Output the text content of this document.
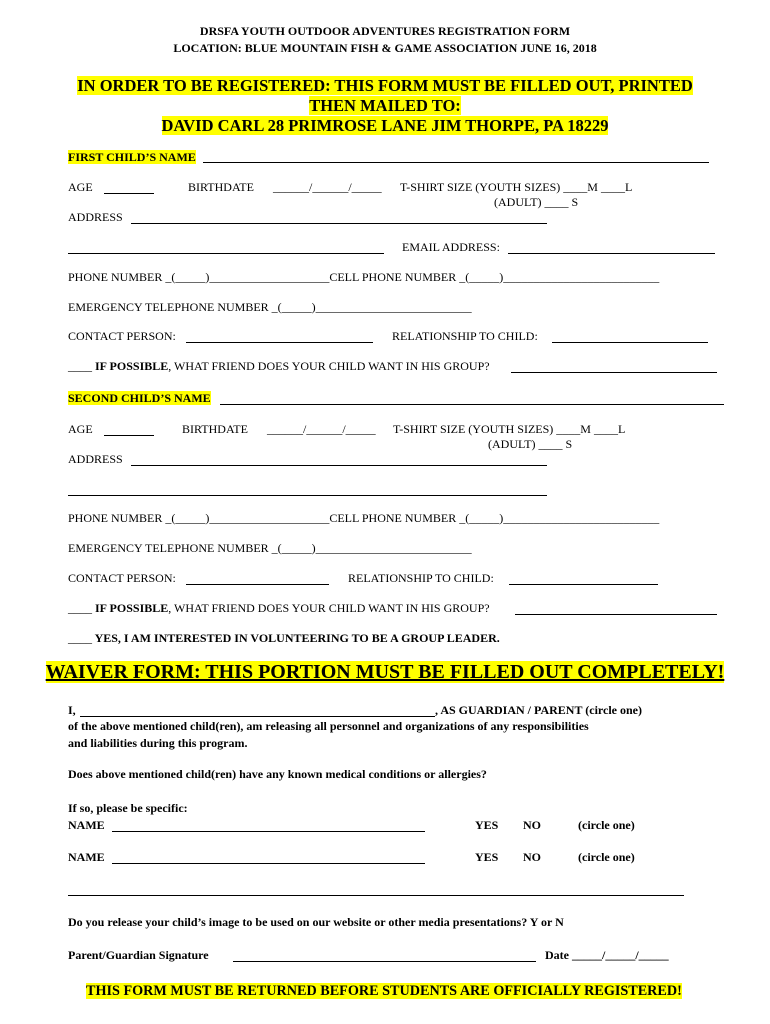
DRSFA YOUTH OUTDOOR ADVENTURES REGISTRATION FORM
LOCATION: BLUE MOUNTAIN FISH & GAME ASSOCIATION JUNE 16, 2018
IN ORDER TO BE REGISTERED: THIS FORM MUST BE FILLED OUT, PRINTED
THEN MAILED TO:
DAVID CARL 28 PRIMROSE LANE JIM THORPE, PA 18229
FIRST CHILD’S NAME
AGE	BIRTHDATE ______/______/_____ T-SHIRT SIZE (YOUTH SIZES) ____M ____L
(ADULT) ____ S
ADDRESS
EMAIL ADDRESS:
PHONE NUMBER _(_____)____________________CELL PHONE NUMBER _(_____)__________________________
EMERGENCY TELEPHONE NUMBER _(_____)__________________________
CONTACT PERSON:	RELATIONSHIP TO CHILD:
____ IF POSSIBLE, WHAT FRIEND DOES YOUR CHILD WANT IN HIS GROUP?
SECOND CHILD’S NAME
AGE	BIRTHDATE ______/______/_____ T-SHIRT SIZE (YOUTH SIZES) ____M ____L
(ADULT) ____ S
ADDRESS
PHONE NUMBER _(_____)____________________CELL PHONE NUMBER _(_____)__________________________
EMERGENCY TELEPHONE NUMBER _(_____)__________________________
CONTACT PERSON:	RELATIONSHIP TO CHILD:
____ IF POSSIBLE, WHAT FRIEND DOES YOUR CHILD WANT IN HIS GROUP?
____ YES, I AM INTERESTED IN VOLUNTEERING TO BE A GROUP LEADER.
WAIVER FORM: THIS PORTION MUST BE FILLED OUT COMPLETELY!
I,	, AS GUARDIAN / PARENT (circle one)
of the above mentioned child(ren), am releasing all personnel and organizations of any responsibilities
and liabilities during this program.
Does above mentioned child(ren) have any known medical conditions or allergies?
If so, please be specific:
NAME	YES NO	(circle one)
NAME	YES NO	(circle one)
Do you release your child’s image to be used on our website or other media presentations? Y or N
Parent/Guardian Signature	Date _____/_____/_____
THIS FORM MUST BE RETURNED BEFORE STUDENTS ARE OFFICIALLY REGISTERED!
